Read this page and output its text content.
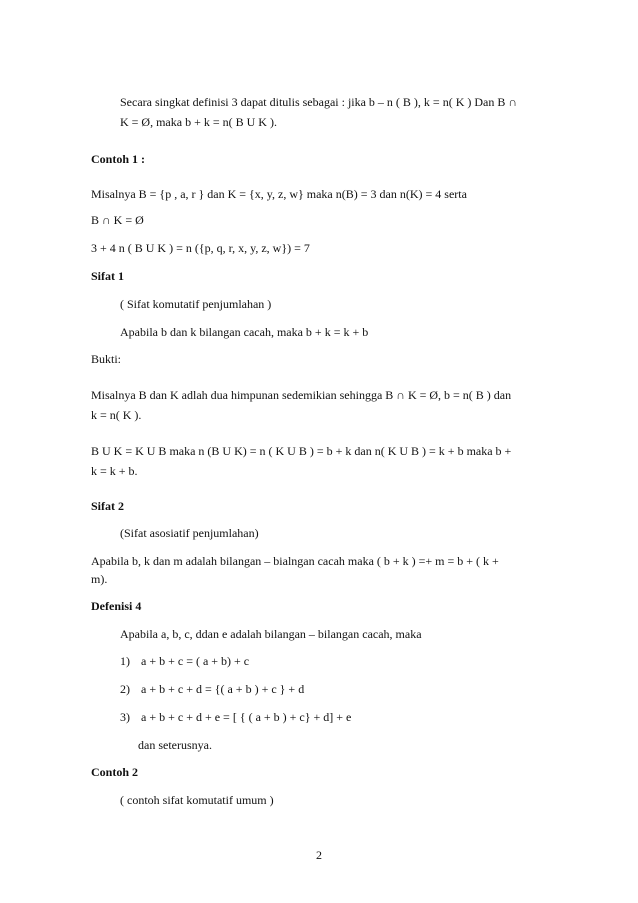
Secara singkat definisi 3 dapat ditulis sebagai : jika b – n ( B ), k = n( K ) Dan B ∩
K = Ø, maka b + k = n( B U K ).
Contoh 1 :
Misalnya B = {p , a, r } dan K = {x, y, z, w} maka n(B) = 3 dan n(K) = 4 serta
B ∩ K = Ø
3 + 4 n ( B U K ) = n ({p, q, r, x, y, z, w}) = 7
Sifat 1
( Sifat komutatif penjumlahan )
Apabila b dan k bilangan cacah, maka b + k = k + b
Bukti:
Misalnya B dan K adlah dua himpunan sedemikian sehingga B ∩ K = Ø, b = n( B ) dan
k = n( K ).
B U K = K U B maka n (B U K) = n ( K U B ) = b + k dan n( K U B ) = k + b maka b +
k = k + b.
Sifat 2
(Sifat asosiatif penjumlahan)
Apabila b, k dan m adalah bilangan – bialngan cacah maka ( b + k ) =+ m = b + ( k +
m).
Defenisi 4
Apabila a, b, c, ddan e adalah bilangan – bilangan cacah, maka
1) a + b + c = ( a + b) + c
2) a + b + c + d = {( a + b ) + c } + d
3) a + b + c + d + e = [ { ( a + b ) + c} + d] + e
dan seterusnya.
Contoh 2
( contoh sifat komutatif umum )
2
